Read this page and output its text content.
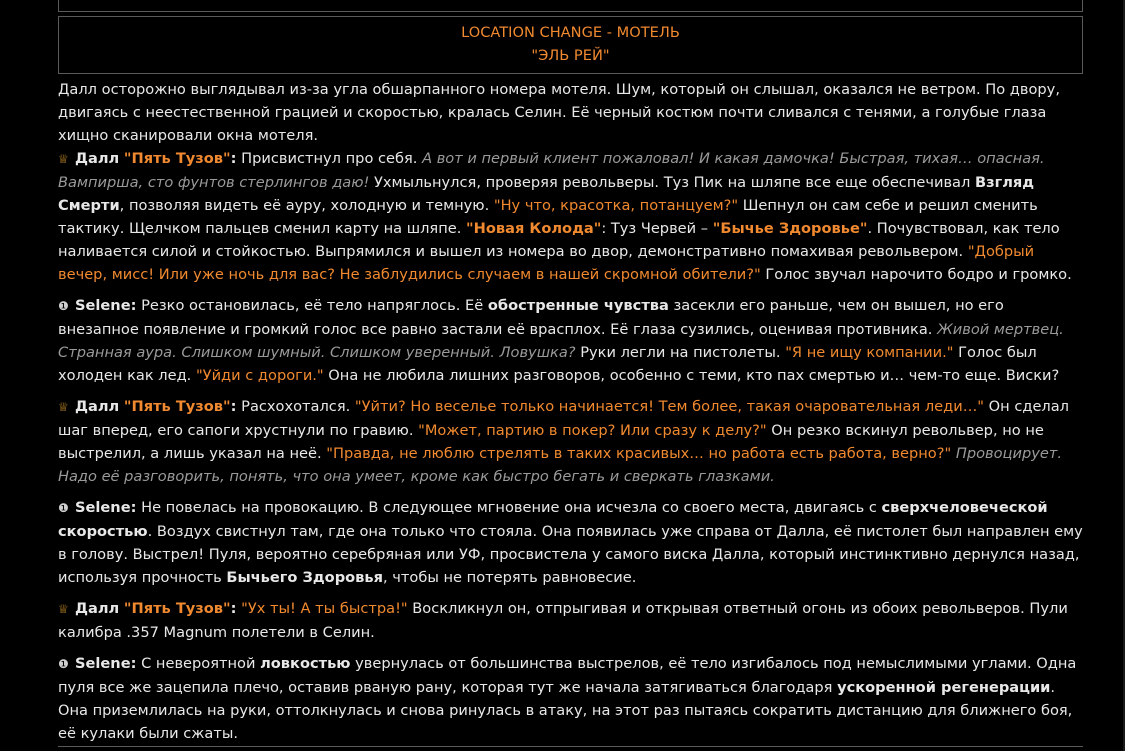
LOCATION CHANGE - МОТЕЛЬ
"ЭЛЬ РЕЙ"

Далл осторожно выглядывал из-за угла обшарпанного номера мотеля. Шум, который он слышал, оказался не ветром. По двору, двигаясь с неестественной грацией и скоростью, кралась Селин. Её черный костюм почти сливался с тенями, а голубые глаза хищно сканировали окна мотеля.

♕ Далл "Пять Тузов": Присвистнул про себя. А вот и первый клиент пожаловал! И какая дамочка! Быстрая, тихая… опасная. Вампирша, сто фунтов стерлингов даю! Ухмыльнулся, проверяя револьверы. Туз Пик на шляпе все еще обеспечивал Взгляд Смерти, позволяя видеть её ауру, холодную и темную. "Ну что, красотка, потанцуем?" Шепнул он сам себе и решил сменить тактику. Щелчком пальцев сменил карту на шляпе. "Новая Колода": Туз Червей – "Бычье Здоровье". Почувствовал, как тело наливается силой и стойкостью. Выпрямился и вышел из номера во двор, демонстративно помахивая револьвером. "Добрый вечер, мисс! Или уже ночь для вас? Не заблудились случаем в нашей скромной обители?" Голос звучал нарочито бодро и громко.

❶ Selene: Резко остановилась, её тело напряглось. Её обостренные чувства засекли его раньше, чем он вышел, но его внезапное появление и громкий голос все равно застали её врасплох. Её глаза сузились, оценивая противника. Живой мертвец. Странная аура. Слишком шумный. Слишком уверенный. Ловушка? Руки легли на пистолеты. "Я не ищу компании." Голос был холоден как лед. "Уйди с дороги." Она не любила лишних разговоров, особенно с теми, кто пах смертью и… чем-то еще. Виски?

♕ Далл "Пять Тузов": Расхохотался. "Уйти? Но веселье только начинается! Тем более, такая очаровательная леди…" Он сделал шаг вперед, его сапоги хрустнули по гравию. "Может, партию в покер? Или сразу к делу?" Он резко вскинул револьвер, но не выстрелил, а лишь указал на неё. "Правда, не люблю стрелять в таких красивых… но работа есть работа, верно?" Провоцирует. Надо её разговорить, понять, что она умеет, кроме как быстро бегать и сверкать глазками.

❶ Selene: Не повелась на провокацию. В следующее мгновение она исчезла со своего места, двигаясь с сверхчеловеческой скоростью. Воздух свистнул там, где она только что стояла. Она появилась уже справа от Далла, её пистолет был направлен ему в голову. Выстрел! Пуля, вероятно серебряная или УФ, просвистела у самого виска Далла, который инстинктивно дернулся назад, используя прочность Бычьего Здоровья, чтобы не потерять равновесие.

♕ Далл "Пять Тузов": "Ух ты! А ты быстра!" Воскликнул он, отпрыгивая и открывая ответный огонь из обоих револьверов. Пули калибра .357 Magnum полетели в Селин.

❶ Selene: С невероятной ловкостью увернулась от большинства выстрелов, её тело изгибалось под немыслимыми углами. Одна пуля все же зацепила плечо, оставив рваную рану, которая тут же начала затягиваться благодаря ускоренной регенерации. Она приземлилась на руки, оттолкнулась и снова ринулась в атаку, на этот раз пытаясь сократить дистанцию для ближнего боя, её кулаки были сжаты.
